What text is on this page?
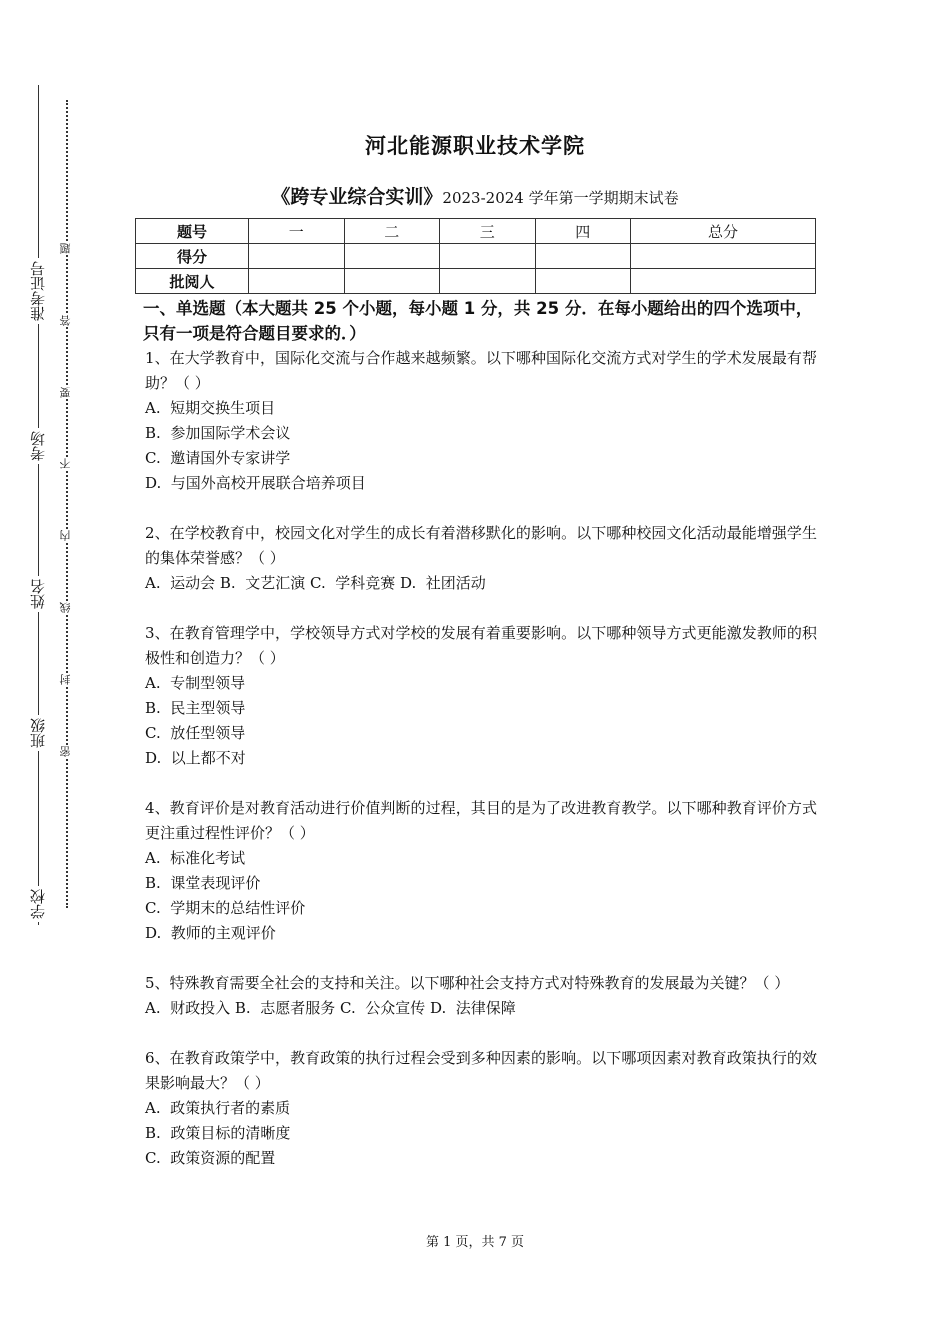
准考证号
考场
姓名
班级
学校
题
答
要
不
内
线
封
密
河北能源职业技术学院
《跨专业综合实训》2023-2024 学年第一学期期末试卷
题号	一	二	三	四	总分
得分					
批阅人					
一、单选题（本大题共 25 个小题，每小题 1 分，共 25 分．在每小题给出的四个选项中，只有一项是符合题目要求的．）
1、在大学教育中，国际化交流与合作越来越频繁。以下哪种国际化交流方式对学生的学术发展最有帮助？（ ）
A.  短期交换生项目
B.  参加国际学术会议
C.  邀请国外专家讲学
D.  与国外高校开展联合培养项目
2、在学校教育中，校园文化对学生的成长有着潜移默化的影响。以下哪种校园文化活动最能增强学生的集体荣誉感？（ ）
A.  运动会 B.  文艺汇演 C.  学科竞赛 D.  社团活动
3、在教育管理学中，学校领导方式对学校的发展有着重要影响。以下哪种领导方式更能激发教师的积极性和创造力？（ ）
A.  专制型领导
B.  民主型领导
C.  放任型领导
D.  以上都不对
4、教育评价是对教育活动进行价值判断的过程，其目的是为了改进教育教学。以下哪种教育评价方式更注重过程性评价？（ ）
A.  标准化考试
B.  课堂表现评价
C.  学期末的总结性评价
D.  教师的主观评价
5、特殊教育需要全社会的支持和关注。以下哪种社会支持方式对特殊教育的发展最为关键？（ ）
A.  财政投入 B.  志愿者服务 C.  公众宣传 D.  法律保障
6、在教育政策学中，教育政策的执行过程会受到多种因素的影响。以下哪项因素对教育政策执行的效果影响最大？（ ）
A.  政策执行者的素质
B.  政策目标的清晰度
C.  政策资源的配置
第 1 页，共 7 页
